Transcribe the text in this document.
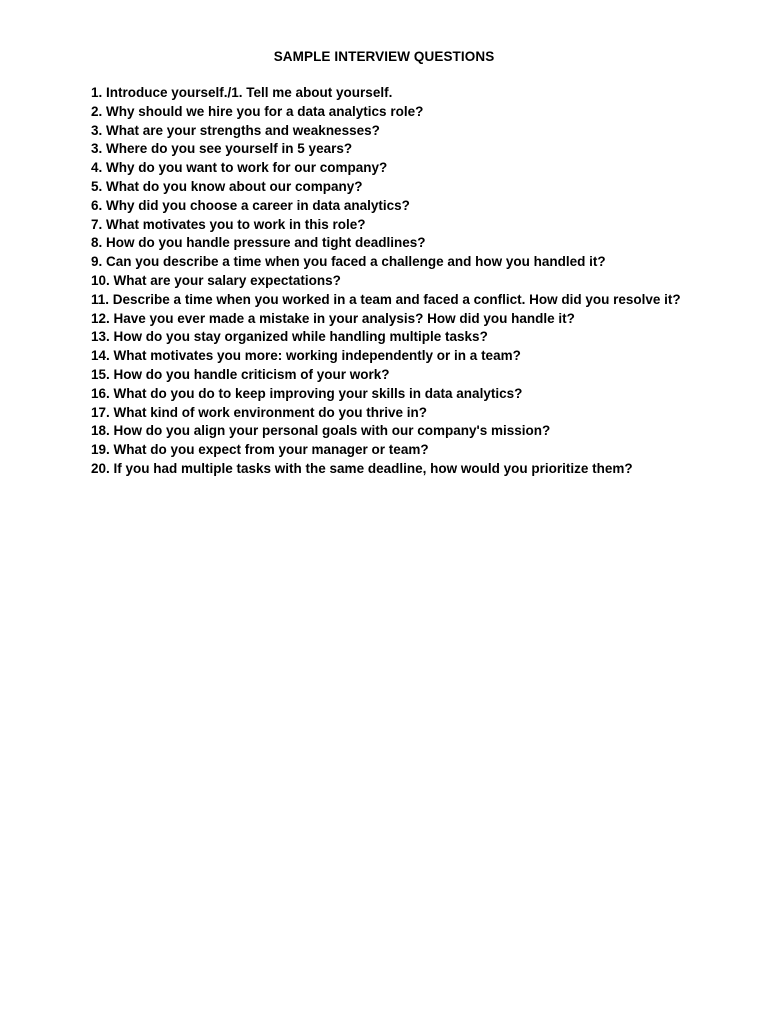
SAMPLE INTERVIEW QUESTIONS
1. Introduce yourself./1. Tell me about yourself.
2. Why should we hire you for a data analytics role?
3. What are your strengths and weaknesses?
3. Where do you see yourself in 5 years?
4. Why do you want to work for our company?
5. What do you know about our company?
6. Why did you choose a career in data analytics?
7. What motivates you to work in this role?
8. How do you handle pressure and tight deadlines?
9. Can you describe a time when you faced a challenge and how you handled it?
10. What are your salary expectations?
11. Describe a time when you worked in a team and faced a conflict. How did you resolve it?
12. Have you ever made a mistake in your analysis? How did you handle it?
13. How do you stay organized while handling multiple tasks?
14. What motivates you more: working independently or in a team?
15. How do you handle criticism of your work?
16. What do you do to keep improving your skills in data analytics?
17. What kind of work environment do you thrive in?
18. How do you align your personal goals with our company's mission?
19. What do you expect from your manager or team?
20. If you had multiple tasks with the same deadline, how would you prioritize them?
